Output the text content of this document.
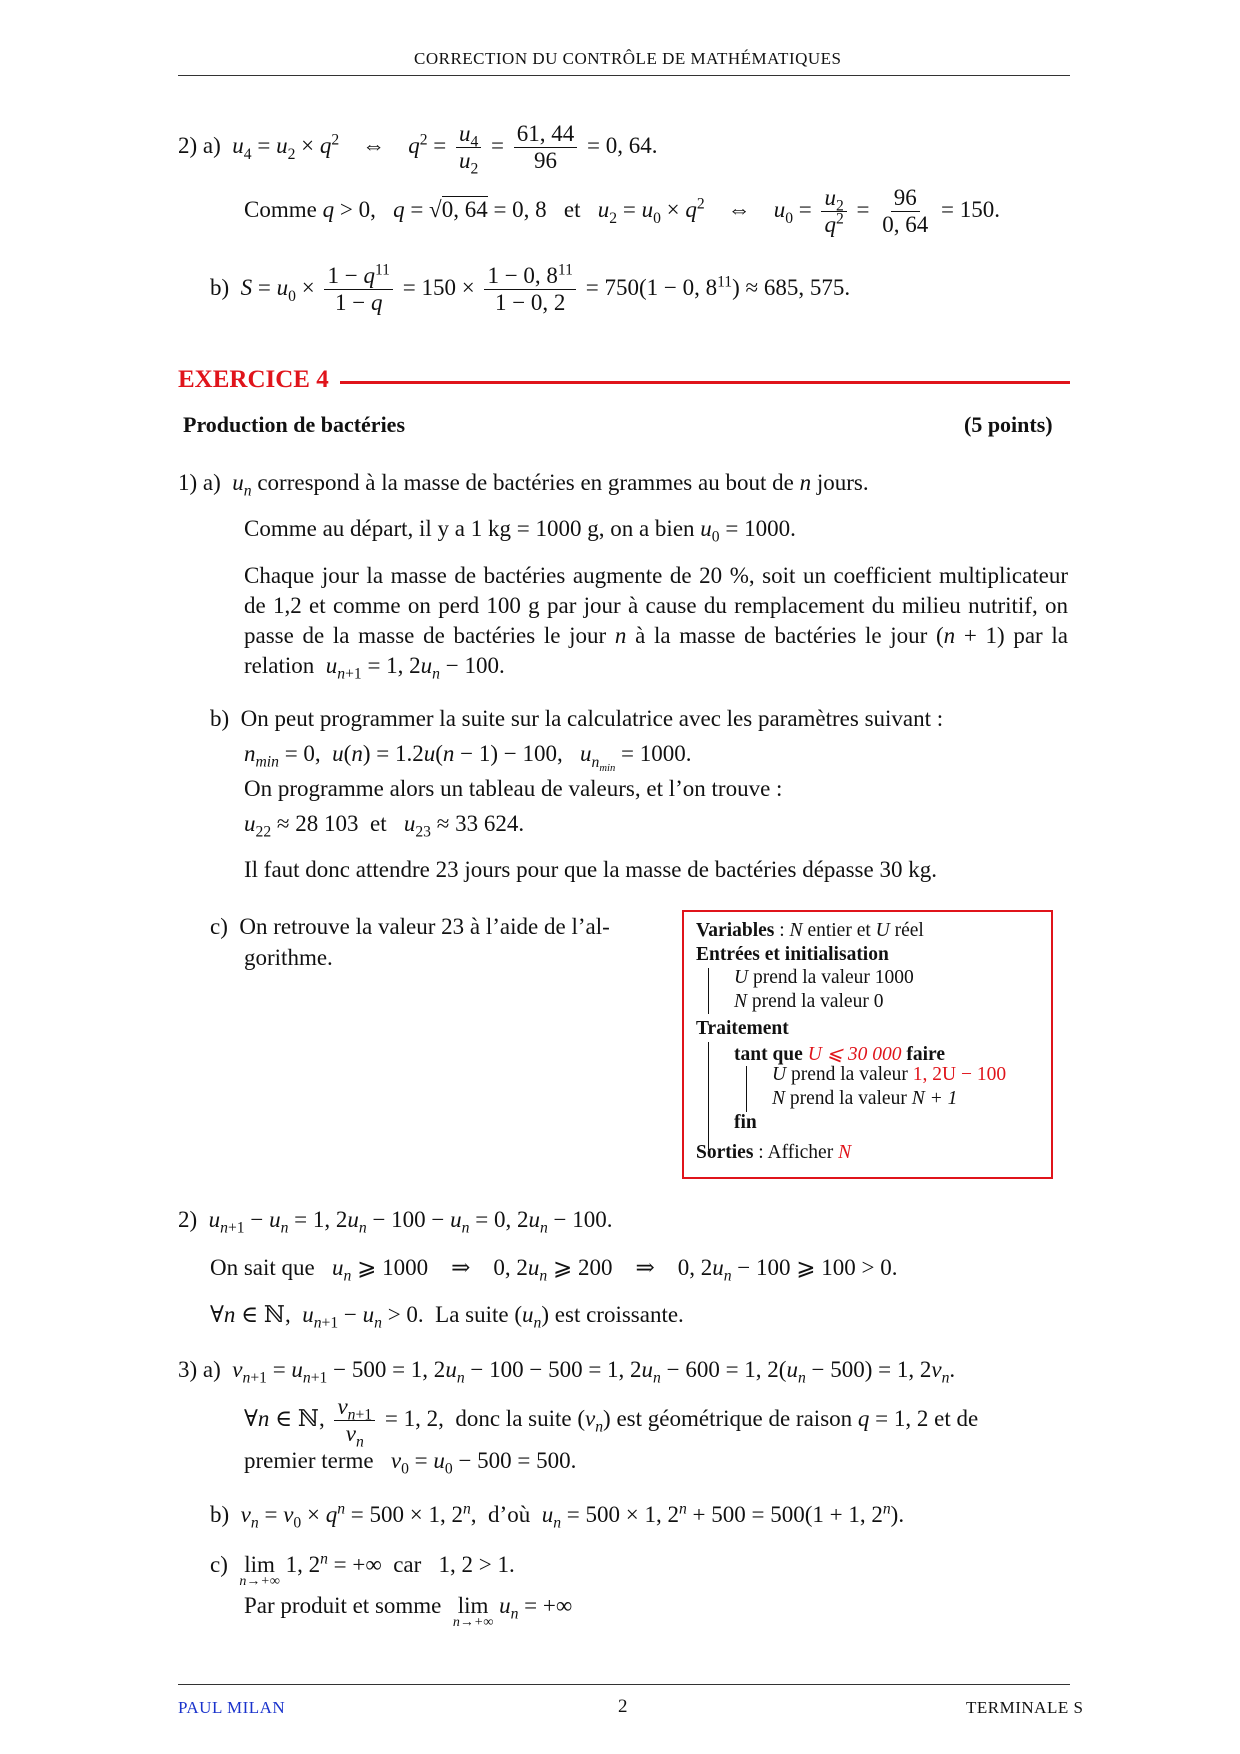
CORRECTION DU CONTRÔLE DE MATHÉMATIQUES
2) a) $u_4 = u_2 \times q^2$    ⇔    $q^2 = \frac{u_4}{u_2} = \frac{61, 44}{96} = 0$, 64.
Comme q > 0,   q = √0, 64 = 0, 8   et $u_2 = u_0 \times q^2$    ⇔    $u_0 = \frac{u_2}{q^2} = \frac{96}{0, 64} = 150$.
b) $S = u_0 \times \frac{1 - q^{11}}{1 - q} = 150 \times \frac{1 - 0, 8^{11}}{1 - 0, 2} = 750(1 - 0$, $8^{11}) \approx 685$, 575.
EXERCICE 4
Production de bactéries	(5 points)
1) a) $u_n$ correspond à la masse de bactéries en grammes au bout de n jours.
Comme au départ, il y a 1 kg = 1000 g, on a bien $u_0 = 1000$.
Chaque jour la masse de bactéries augmente de 20 %, soit un coefficient multiplicateur de 1,2 et comme on perd 100 g par jour à cause du remplacement du milieu nutritif, on passe de la masse de bactéries le jour n à la masse de bactéries le jour (n + 1) par la relation $u_{n+1} = 1$, $2u_n - 100$.
b) On peut programmer la suite sur la calculatrice avec les paramètres suivant :
$n_{min} = 0$,  u(n) = 1.2u(n − 1) − 100,   $u_{n_{min}} = 1000$.
On programme alors un tableau de valeurs, et l’on trouve :
$u_{22} \approx 28$ 103  et   $u_{23} \approx 33$ 624.
Il faut donc attendre 23 jours pour que la masse de bactéries dépasse 30 kg.
c) On retrouve la valeur 23 à l’aide de l’al-
gorithme.
Variables : N entier et U réel
Entrées et initialisation
U prend la valeur 1000
N prend la valeur 0
Traitement
tant que U ⩽ 30 000 faire
U prend la valeur 1, 2U − 100
N prend la valeur N + 1
fin
Sorties : Afficher N
2) $u_{n+1} - u_n = 1$, $2u_n - 100 - u_n = 0$, $2u_n - 100$.
On sait que $u_n$ ⩾ 1000    ⇒    0, $2u_n$ ⩾ 200    ⇒    0, $2u_n - 100$ ⩾ 100 > 0.
∀n ∈ ℕ,  $u_{n+1} - u_n > 0$.  La suite $(u_n)$ est croissante.
3) a) $v_{n+1} = u_{n+1} - 500 = 1$, $2u_n - 100 - 500 = 1$, $2u_n - 600 = 1$, $2(u_n - 500) = 1$, $2v_n$.
∀n ∈ ℕ, $\frac{v_{n+1}}{v_n} = 1$, 2,  donc la suite $(v_n)$ est géométrique de raison q = 1, 2 et de
premier terme $v_0 = u_0 - 500 = 500$.
b) $v_n = v_0 \times q^n = 500 \times 1$, 2$^n$,  d’où $u_n = 500 \times 1$, $2^n + 500 = 500(1 + 1$, 2$^n$).
c) lim
n→+∞
1, $2^n$ = +∞  car   1, 2 > 1.
Par produit et somme lim
n→+∞
$u_n$ = +∞
PAUL MILAN	2	TERMINALE S
